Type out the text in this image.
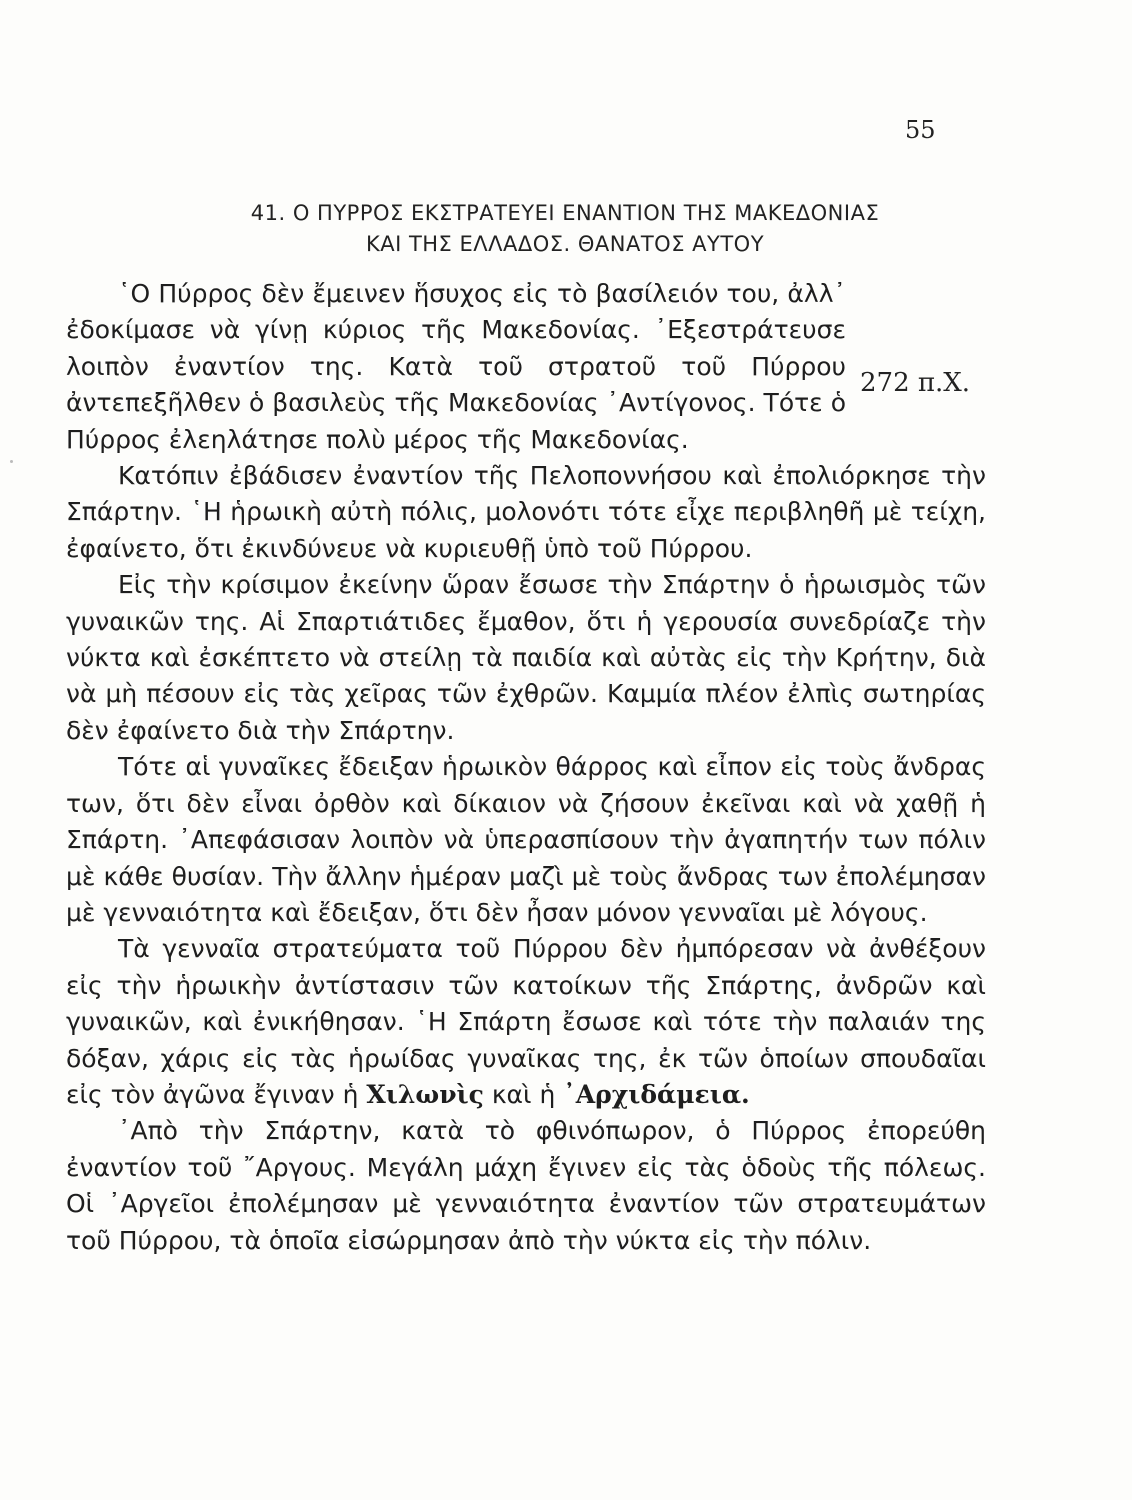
55
41. Ο ΠΥΡΡΟΣ ΕΚΣΤΡΑΤΕΥΕΙ ΕΝΑΝΤΙΟΝ ΤΗΣ ΜΑΚΕΔΟΝΙΑΣ
ΚΑΙ ΤΗΣ ΕΛΛΑΔΟΣ. ΘΑΝΑΤΟΣ ΑΥΤΟΥ
272 π.Χ.

῾Ο Πύρρος δὲν ἔμεινεν ἥσυχος εἰς τὸ βασίλειόν του, ἀλλ᾽ ἐδοκίμασε νὰ γίνῃ κύριος τῆς Μακεδονίας. ᾽Εξεστράτευσε λοιπὸν ἐναντίον της. Κατὰ τοῦ στρατοῦ τοῦ Πύρρου ἀντεπεξῆλθεν ὁ βασιλεὺς τῆς Μακεδονίας ᾽Αντίγονος. Τότε ὁ Πύρρος ἐλεηλάτησε πολὺ μέρος τῆς Μακεδονίας.

Κατόπιν ἐβάδισεν ἐναντίον τῆς Πελοποννήσου καὶ ἐπολιόρκησε τὴν Σπάρτην. ῾Η ἡρωικὴ αὐτὴ πόλις, μολονότι τότε εἶχε περιβληθῆ μὲ τείχη, ἐφαίνετο, ὅτι ἐκινδύνευε νὰ κυριευθῇ ὑπὸ τοῦ Πύρρου.

Εἰς τὴν κρίσιμον ἐκείνην ὥραν ἔσωσε τὴν Σπάρτην ὁ ἡρωισμὸς τῶν γυναικῶν της. Αἱ Σπαρτιάτιδες ἔμαθον, ὅτι ἡ γερουσία συνεδρίαζε τὴν νύκτα καὶ ἐσκέπτετο νὰ στείλῃ τὰ παιδία καὶ αὐτὰς εἰς τὴν Κρήτην, διὰ νὰ μὴ πέσουν εἰς τὰς χεῖρας τῶν ἐχθρῶν. Καμμία πλέον ἐλπὶς σωτηρίας δὲν ἐφαίνετο διὰ τὴν Σπάρτην.

Τότε αἱ γυναῖκες ἔδειξαν ἡρωικὸν θάρρος καὶ εἶπον εἰς τοὺς ἄνδρας των, ὅτι δὲν εἶναι ὀρθὸν καὶ δίκαιον νὰ ζήσουν ἐκεῖναι καὶ νὰ χαθῇ ἡ Σπάρτη. ᾽Απεφάσισαν λοιπὸν νὰ ὑπερασπίσουν τὴν ἀγαπητήν των πόλιν μὲ κάθε θυσίαν. Τὴν ἄλλην ἡμέραν μαζὶ μὲ τοὺς ἄνδρας των ἐπολέμησαν μὲ γενναιότητα καὶ ἔδειξαν, ὅτι δὲν ἦσαν μόνον γενναῖαι μὲ λόγους.

Τὰ γενναῖα στρατεύματα τοῦ Πύρρου δὲν ἠμπόρεσαν νὰ ἀνθέξουν εἰς τὴν ἡρωικὴν ἀντίστασιν τῶν κατοίκων τῆς Σπάρτης, ἀνδρῶν καὶ γυναικῶν, καὶ ἐνικήθησαν. ῾Η Σπάρτη ἔσωσε καὶ τότε τὴν παλαιάν της δόξαν, χάρις εἰς τὰς ἡρωίδας γυναῖκας της, ἐκ τῶν ὁποίων σπουδαῖαι εἰς τὸν ἀγῶνα ἔγιναν ἡ Χιλωνὶς καὶ ἡ ᾽Αρχιδάμεια.

᾽Απὸ τὴν Σπάρτην, κατὰ τὸ φθινόπωρον, ὁ Πύρρος ἐπορεύθη ἐναντίον τοῦ ῎Αργους. Μεγάλη μάχη ἔγινεν εἰς τὰς ὁδοὺς τῆς πόλεως. Οἱ ᾽Αργεῖοι ἐπολέμησαν μὲ γενναιότητα ἐναντίον τῶν στρατευμάτων τοῦ Πύρρου, τὰ ὁποῖα εἰσώρμησαν ἀπὸ τὴν νύκτα εἰς τὴν πόλιν.
